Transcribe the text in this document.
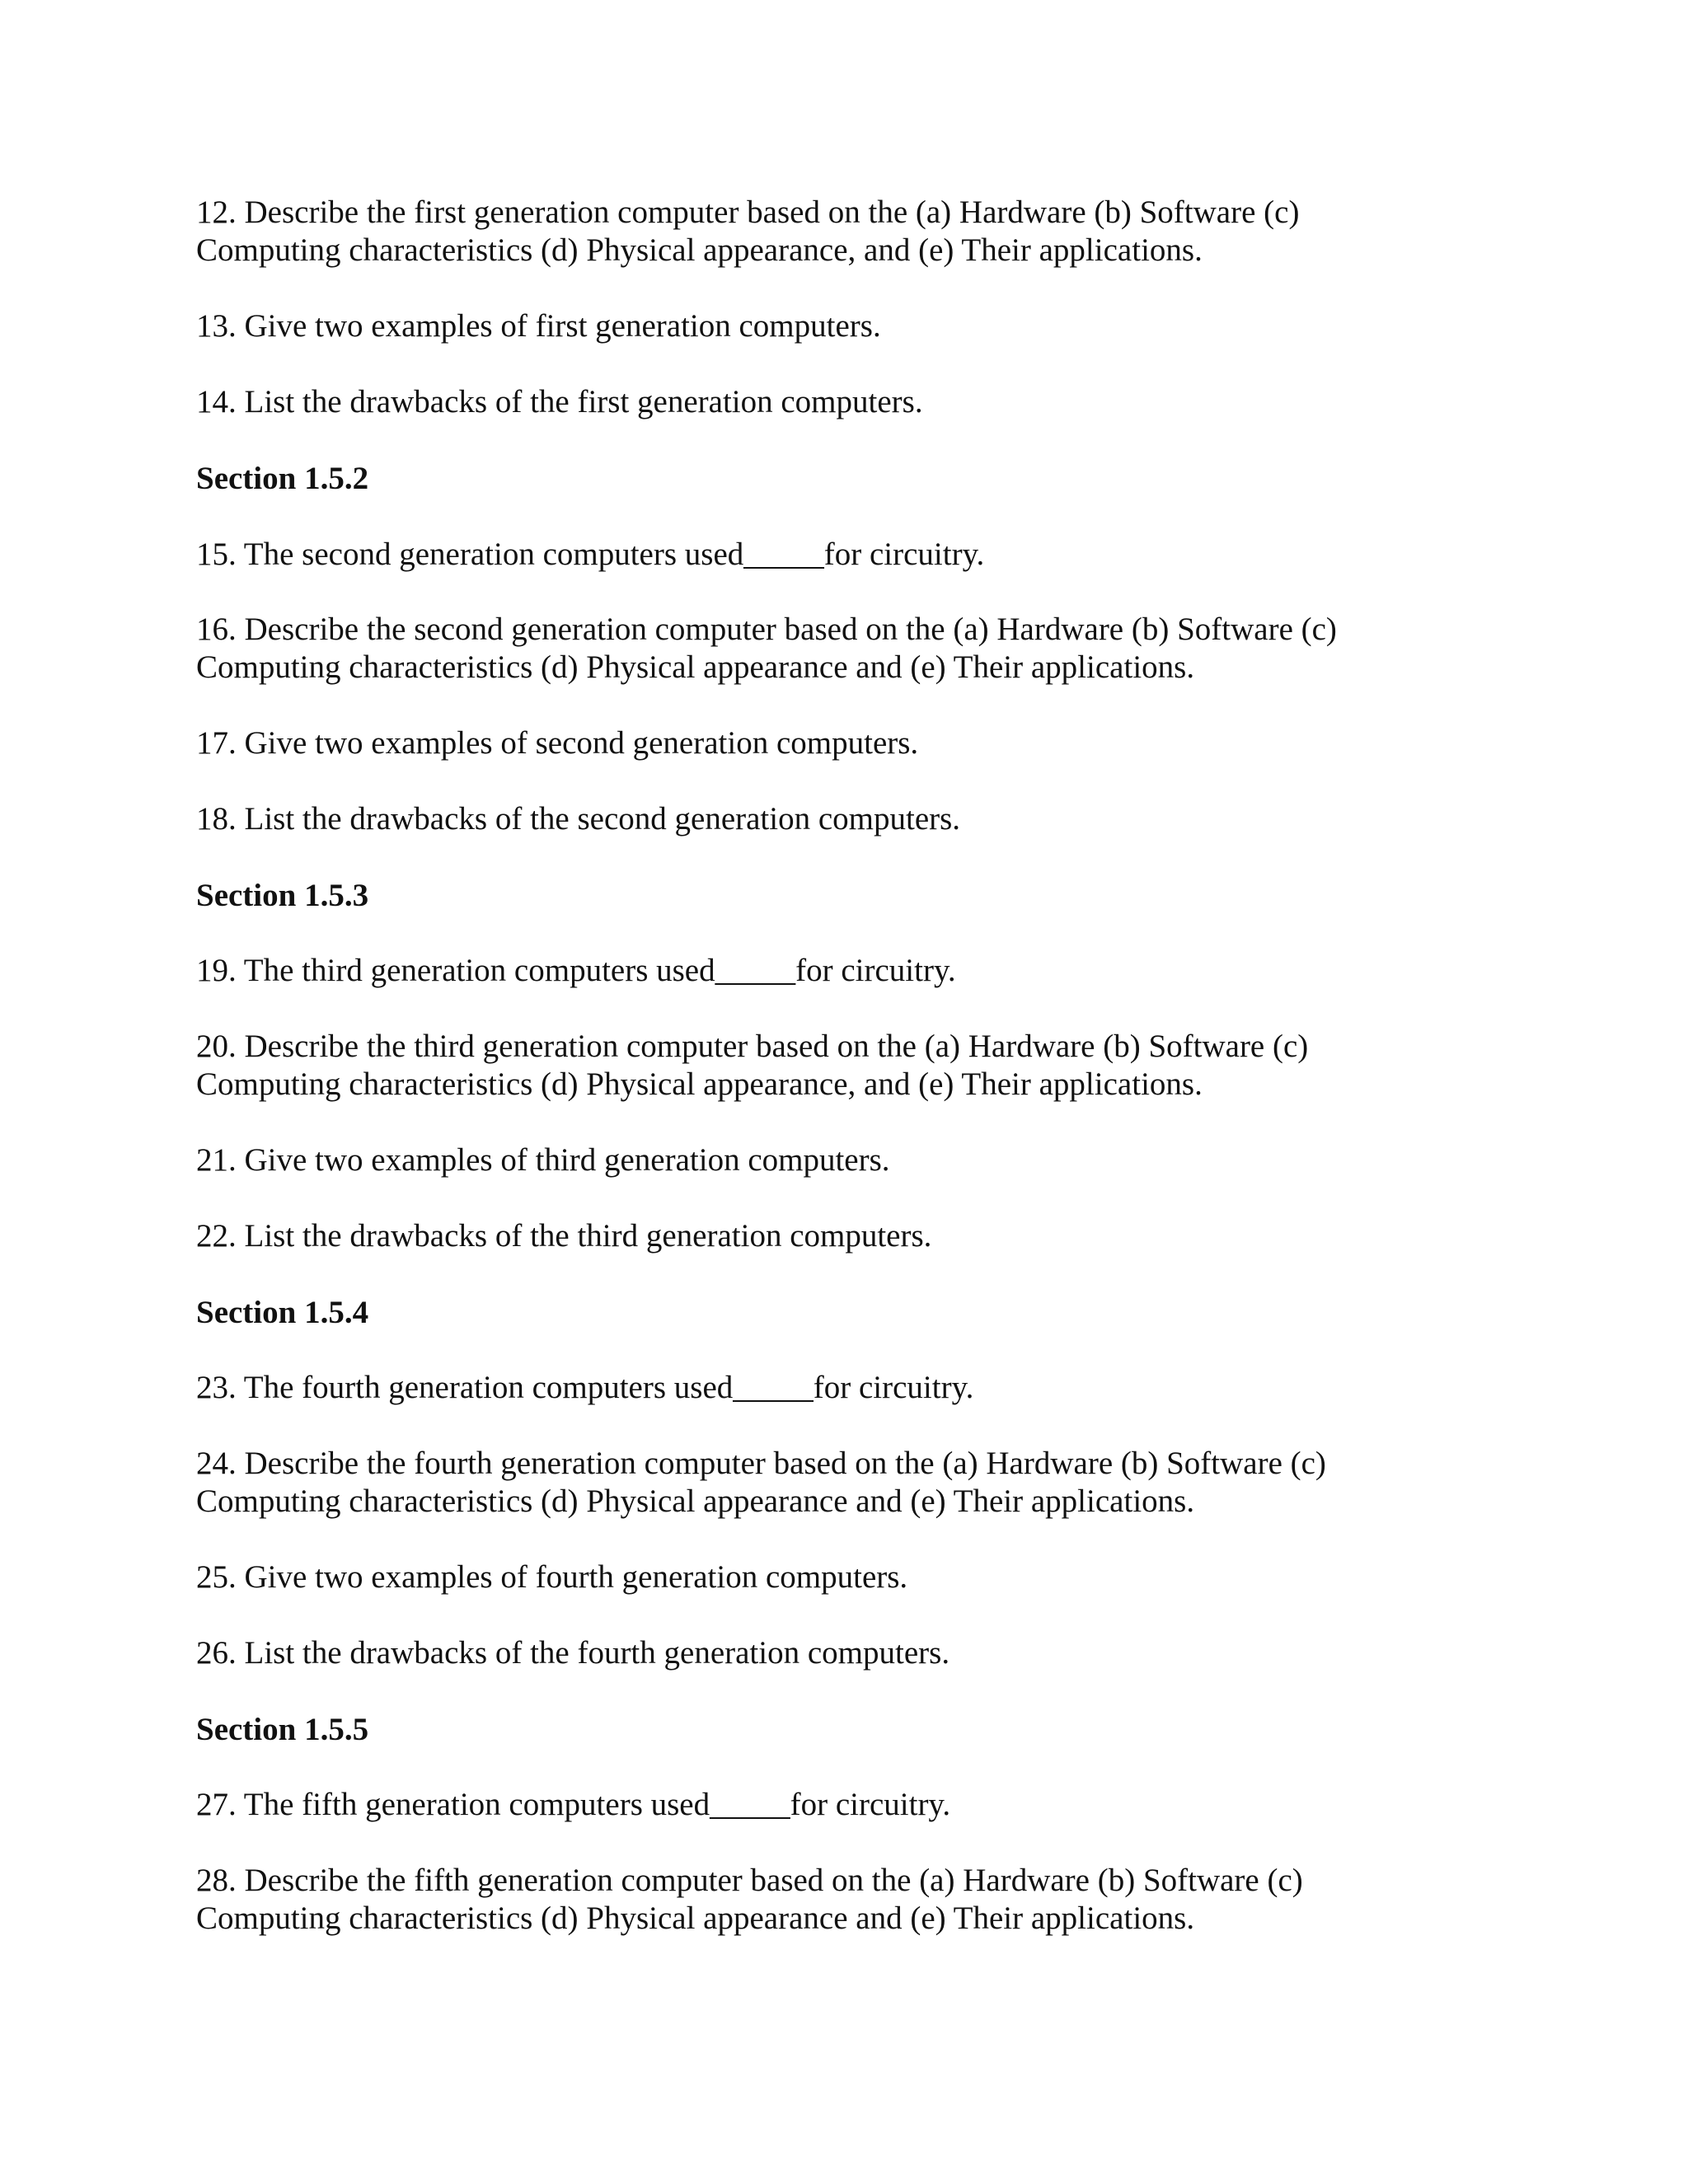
12. Describe the first generation computer based on the (a) Hardware (b) Software (c)

Computing characteristics (d) Physical appearance, and (e) Their applications.

13. Give two examples of first generation computers.

14. List the drawbacks of the first generation computers.

Section 1.5.2

15. The second generation computers used_____for circuitry.

16. Describe the second generation computer based on the (a) Hardware (b) Software (c)

Computing characteristics (d) Physical appearance and (e) Their applications.

17. Give two examples of second generation computers.

18. List the drawbacks of the second generation computers.

Section 1.5.3

19. The third generation computers used_____for circuitry.

20. Describe the third generation computer based on the (a) Hardware (b) Software (c)

Computing characteristics (d) Physical appearance, and (e) Their applications.

21. Give two examples of third generation computers.

22. List the drawbacks of the third generation computers.

Section 1.5.4

23. The fourth generation computers used_____for circuitry.

24. Describe the fourth generation computer based on the (a) Hardware (b) Software (c)

Computing characteristics (d) Physical appearance and (e) Their applications.

25. Give two examples of fourth generation computers.

26. List the drawbacks of the fourth generation computers.

Section 1.5.5

27. The fifth generation computers used_____for circuitry.

28. Describe the fifth generation computer based on the (a) Hardware (b) Software (c)

Computing characteristics (d) Physical appearance and (e) Their applications.
